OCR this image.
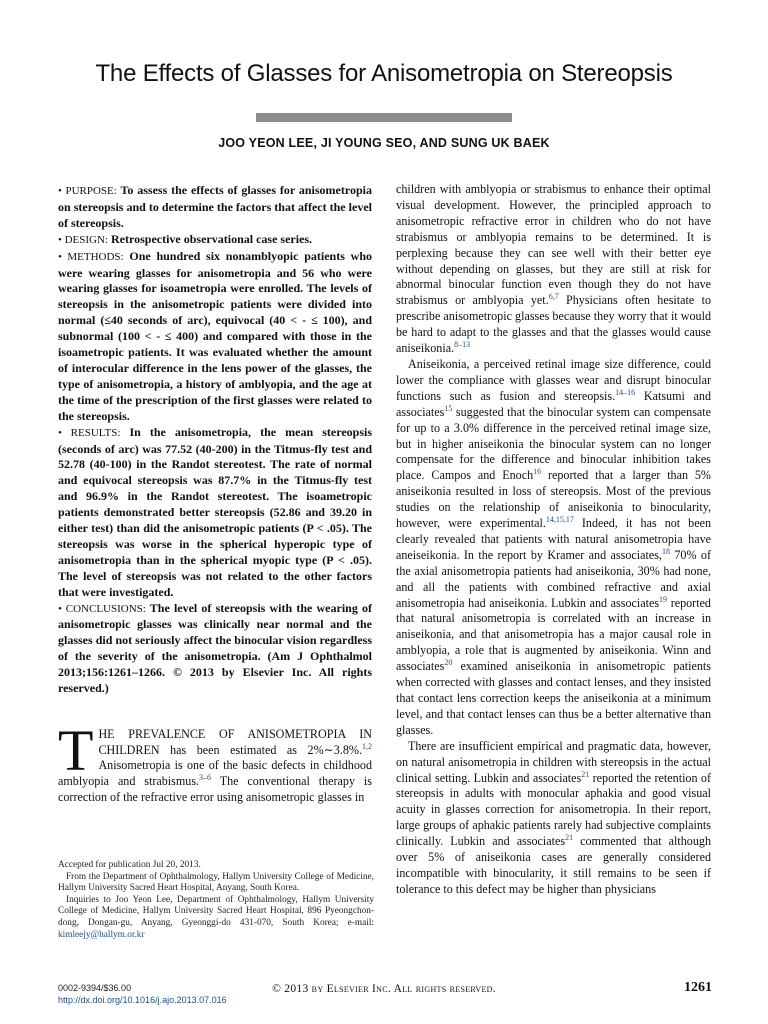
The Effects of Glasses for Anisometropia on Stereopsis
JOO YEON LEE, JI YOUNG SEO, AND SUNG UK BAEK

• PURPOSE: To assess the effects of glasses for anisometropia on stereopsis and to determine the factors that affect the level of stereopsis.

• DESIGN: Retrospective observational case series.

• METHODS: One hundred six nonamblyopic patients who were wearing glasses for anisometropia and 56 who were wearing glasses for isoametropia were enrolled. The levels of stereopsis in the anisometropic patients were divided into normal (≤40 seconds of arc), equivocal (40 < - ≤ 100), and subnormal (100 < - ≤ 400) and compared with those in the isoametropic patients. It was evaluated whether the amount of interocular difference in the lens power of the glasses, the type of anisometropia, a history of amblyopia, and the age at the time of the prescription of the first glasses were related to the stereopsis.

• RESULTS: In the anisometropia, the mean stereopsis (seconds of arc) was 77.52 (40-200) in the Titmus-fly test and 52.78 (40-100) in the Randot stereotest. The rate of normal and equivocal stereopsis was 87.7% in the Titmus-fly test and 96.9% in the Randot stereotest. The isoametropic patients demonstrated better stereopsis (52.86 and 39.20 in either test) than did the anisometropic patients (P < .05). The stereopsis was worse in the spherical hyperopic type of anisometropia than in the spherical myopic type (P < .05). The level of stereopsis was not related to the other factors that were investigated.

• CONCLUSIONS: The level of stereopsis with the wearing of anisometropic glasses was clinically near normal and the glasses did not seriously affect the binocular vision regardless of the severity of the anisometropia. (Am J Ophthalmol 2013;156:1261–1266. © 2013 by Elsevier Inc. All rights reserved.)

THE PREVALENCE OF ANISOMETROPIA IN CHILDREN has been estimated as 2%∼3.8%.$^{1,2}$ Anisometropia is one of the basic defects in childhood amblyopia and strabismus.$^{3-6}$ The conventional therapy is correction of the refractive error using anisometropic glasses in

Accepted for publication Jul 20, 2013.

From the Department of Ophthalmology, Hallym University College of Medicine, Hallym University Sacred Heart Hospital, Anyang, South Korea.

Inquiries to Joo Yeon Lee, Department of Ophthalmology, Hallym University College of Medicine, Hallym University Sacred Heart Hospital, 896 Pyeongchon-dong, Dongan-gu, Anyang, Gyeonggi-do 431-070, South Korea; e-mail: kimleejy@hallym.or.kr

children with amblyopia or strabismus to enhance their optimal visual development. However, the principled approach to anisometropic refractive error in children who do not have strabismus or amblyopia remains to be determined. It is perplexing because they can see well with their better eye without depending on glasses, but they are still at risk for abnormal binocular function even though they do not have strabismus or amblyopia yet.$^{6,7}$ Physicians often hesitate to prescribe anisometropic glasses because they worry that it would be hard to adapt to the glasses and that the glasses would cause aniseikonia.$^{8-13}$

Aniseikonia, a perceived retinal image size difference, could lower the compliance with glasses wear and disrupt binocular functions such as fusion and stereopsis.$^{14-16}$ Katsumi and associates$^{15}$ suggested that the binocular system can compensate for up to a 3.0% difference in the perceived retinal image size, but in higher aniseikonia the binocular system can no longer compensate for the difference and binocular inhibition takes place. Campos and Enoch$^{16}$ reported that a larger than 5% aniseikonia resulted in loss of stereopsis. Most of the previous studies on the relationship of aniseikonia to binocularity, however, were experimental.$^{14,15,17}$ Indeed, it has not been clearly revealed that patients with natural anisometropia have aneiseikonia. In the report by Kramer and associates,$^{18}$ 70% of the axial anisometropia patients had aniseikonia, 30% had none, and all the patients with combined refractive and axial anisometropia had aniseikonia. Lubkin and associates$^{19}$ reported that natural anisometropia is correlated with an increase in aniseikonia, and that anisometropia has a major causal role in amblyopia, a role that is augmented by aniseikonia. Winn and associates$^{20}$ examined aniseikonia in anisometropic patients when corrected with glasses and contact lenses, and they insisted that contact lens correction keeps the aniseikonia at a minimum level, and that contact lenses can thus be a better alternative than glasses.

There are insufficient empirical and pragmatic data, however, on natural anisometropia in children with stereopsis in the actual clinical setting. Lubkin and associates$^{21}$ reported the retention of stereopsis in adults with monocular aphakia and good visual acuity in glasses correction for anisometropia. In their report, large groups of aphakic patients rarely had subjective complaints clinically. Lubkin and associates$^{21}$ commented that although over 5% of aniseikonia cases are generally considered incompatible with binocularity, it still remains to be seen if tolerance to this defect may be higher than physicians

0002-9394/$36.00
http://dx.doi.org/10.1016/j.ajo.2013.07.016
© 2013 by Elsevier Inc. All rights reserved.	1261
